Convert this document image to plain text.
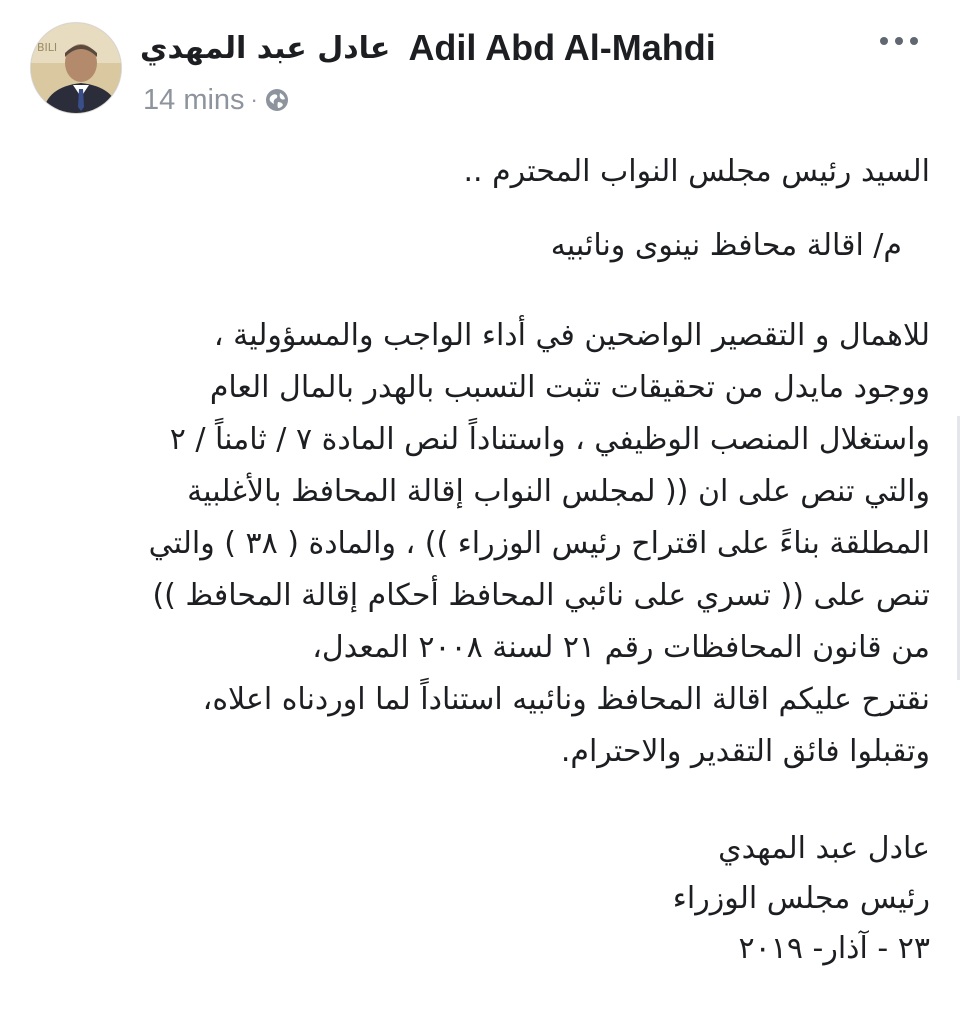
BILI	عادل عبد المهدي Adil Abd Al-Mahdi
14 mins ·
السيد رئيس مجلس النواب المحترم ..
م/ اقالة محافظ نينوى ونائبيه
للاهمال و التقصير الواضحين في أداء الواجب والمسؤولية ،
ووجود مايدل من تحقيقات تثبت التسبب بالهدر بالمال العام
واستغلال المنصب الوظيفي ، واستناداً لنص المادة ٧ / ثامناً / ٢
والتي تنص على ان (( لمجلس النواب إقالة المحافظ بالأغلبية
المطلقة بناءً على اقتراح رئيس الوزراء )) ، والمادة ( ٣٨ ) والتي
تنص على (( تسري على نائبي المحافظ أحكام إقالة المحافظ ))
من قانون المحافظات رقم ٢١ لسنة ٢٠٠٨ المعدل،
نقترح عليكم اقالة المحافظ ونائبيه استناداً لما اوردناه اعلاه،
وتقبلوا فائق التقدير والاحترام.
عادل عبد المهدي
رئيس مجلس الوزراء
٢٣ - آذار- ٢٠١٩
